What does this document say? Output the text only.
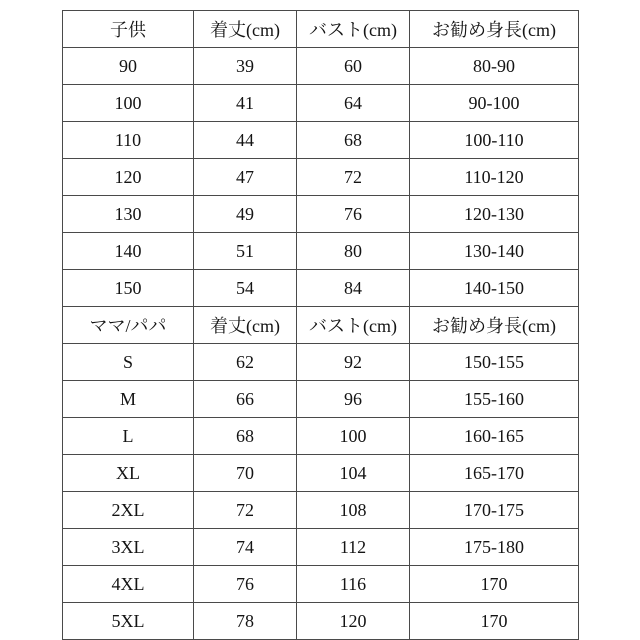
子供	着丈(cm)	バスト(cm)	お勧め身長(cm)
90	39	60	80-90
100	41	64	90-100
110	44	68	100-110
120	47	72	110-120
130	49	76	120-130
140	51	80	130-140
150	54	84	140-150
ママ/パパ	着丈(cm)	バスト(cm)	お勧め身長(cm)
S	62	92	150-155
M	66	96	155-160
L	68	100	160-165
XL	70	104	165-170
2XL	72	108	170-175
3XL	74	112	175-180
4XL	76	116	170
5XL	78	120	170
